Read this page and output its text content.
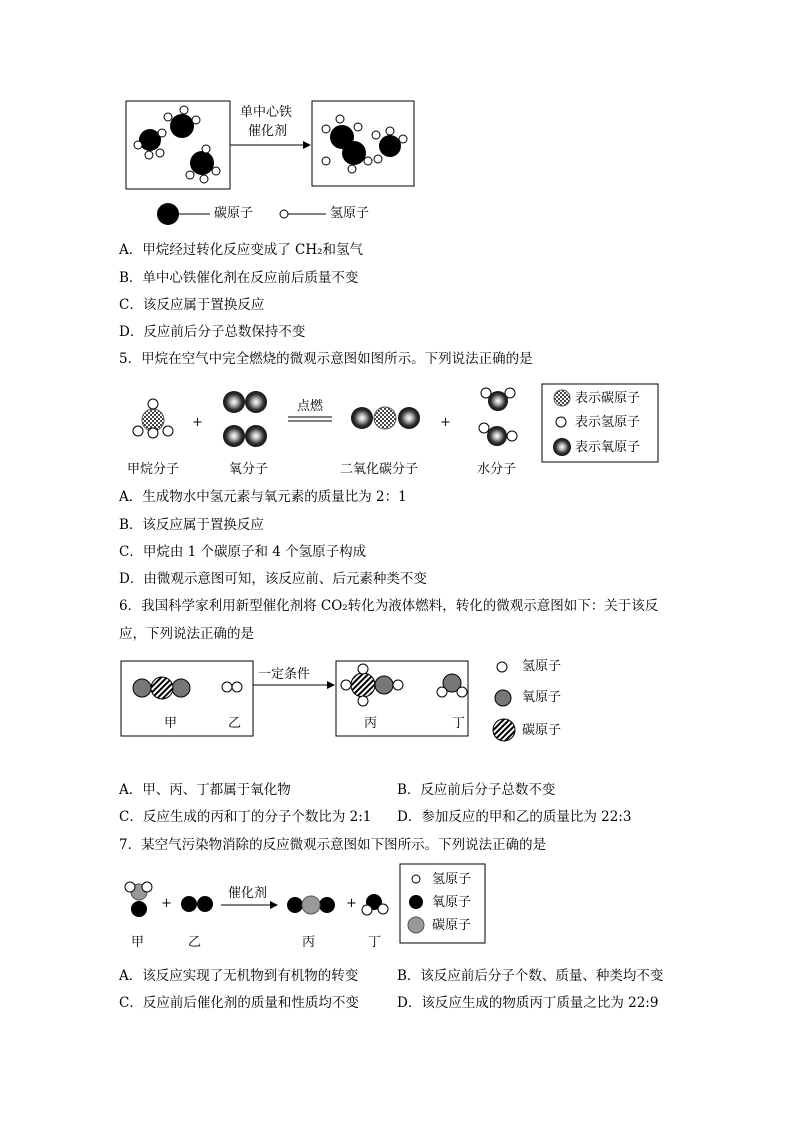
单中心铁
催化剂
碳原子	氢原子
A．甲烷经过转化反应变成了 CH₂和氢气
B．单中心铁催化剂在反应前后质量不变
C．该反应属于置换反应
D．反应前后分子总数保持不变
5．甲烷在空气中完全燃烧的微观示意图如图所示。下列说法正确的是
+	+
点燃
甲烷分子	氧分子	二氧化碳分子	水分子
表示碳原子
表示氢原子
表示氧原子
A．生成物水中氢元素与氧元素的质量比为 2：1
B．该反应属于置换反应
C．甲烷由 1 个碳原子和 4 个氢原子构成
D．由微观示意图可知，该反应前、后元素种类不变
6．我国科学家利用新型催化剂将 CO₂转化为液体燃料，转化的微观示意图如下：关于该反
应，下列说法正确的是
一定条件
甲	乙	丙	丁
氢原子
氧原子
碳原子
A．甲、丙、丁都属于氧化物	B．反应前后分子总数不变
C．反应生成的丙和丁的分子个数比为 2:1 D．参加反应的甲和乙的质量比为 22:3
7．某空气污染物消除的反应微观示意图如下图所示。下列说法正确的是
+	+
催化剂
甲	乙	丙	丁
氢原子
氧原子
碳原子
A．该反应实现了无机物到有机物的转变	B．该反应前后分子个数、质量、种类均不变
C．反应前后催化剂的质量和性质均不变	D．该反应生成的物质丙丁质量之比为 22:9
